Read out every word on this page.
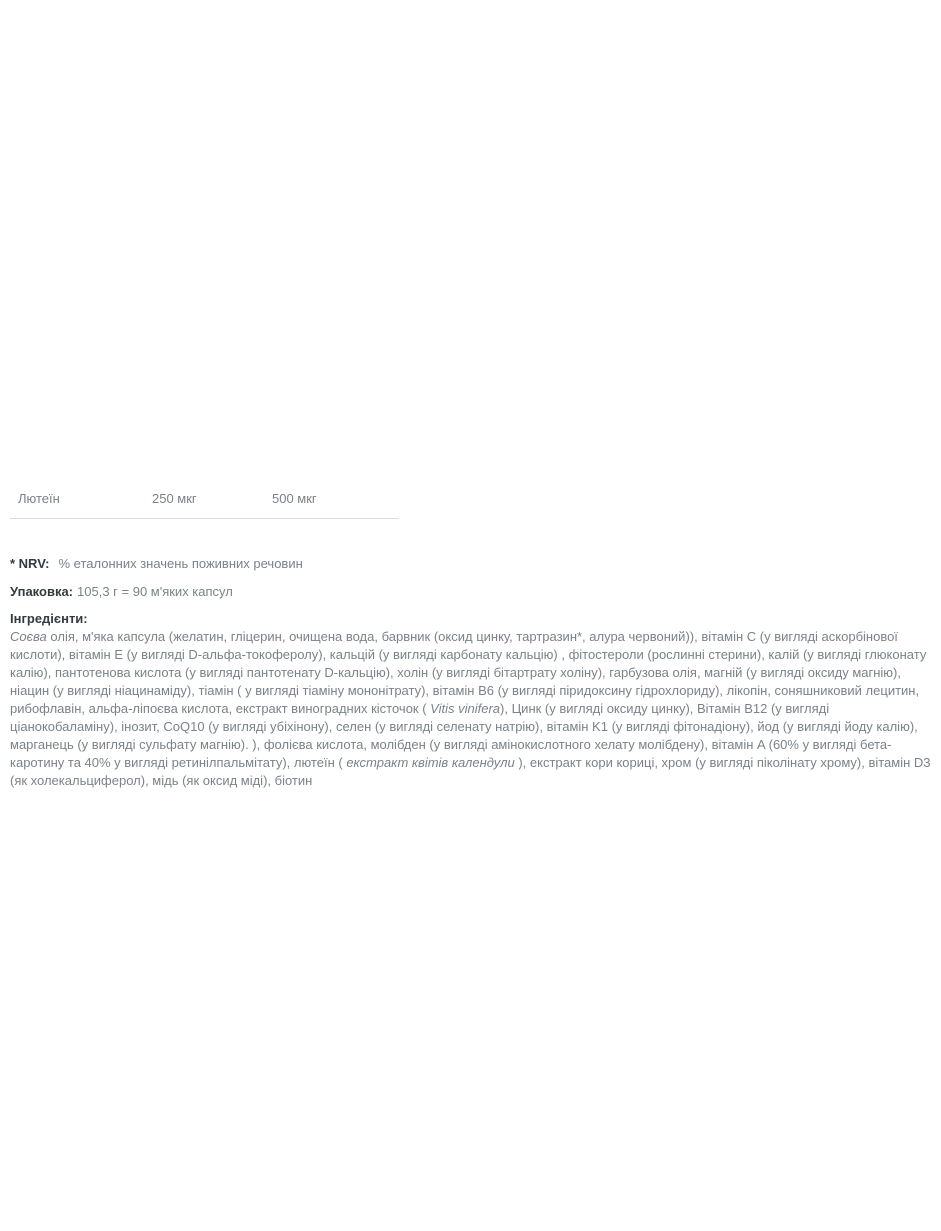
Лютеїн	250 мкг	500 мкг

* NRV: % еталонних значень поживних речовин

Упаковка: 105,3 г = 90 м'яких капсул

Інгредієнти:

Соєва олія, м'яка капсула (желатин, гліцерин, очищена вода, барвник (оксид цинку, тартразин*, алура червоний)), вітамін C (у вигляді аскорбінової кислоти), вітамін E (у вигляді D-альфа-токоферолу), кальцій (у вигляді карбонату кальцію) , фітостероли (рослинні стерини), калій (у вигляді глюконату калію), пантотенова кислота (у вигляді пантотенату D-кальцію), холін (у вигляді бітартрату холіну), гарбузова олія, магній (у вигляді оксиду магнію), ніацин (у вигляді ніацинаміду), тіамін ( у вигляді тіаміну мононітрату), вітамін B6 (у вигляді піридоксину гідрохлориду), лікопін, соняшниковий лецитин, рибофлавін, альфа-ліпоєва кислота, екстракт виноградних кісточок ( Vitis vinifera), Цинк (у вигляді оксиду цинку), Вітамін B12 (у вигляді ціанокобаламіну), інозит, CoQ10 (у вигляді убіхінону), селен (у вигляді селенату натрію), вітамін K1 (у вигляді фітонадіону), йод (у вигляді йоду калію), марганець (у вигляді сульфату магнію). ), фолієва кислота, молібден (у вигляді амінокислотного хелату молібдену), вітамін A (60% у вигляді бета-каротину та 40% у вигляді ретинілпальмітату), лютеїн ( екстракт квітів календули ), екстракт кори кориці, хром (у вигляді піколінату хрому), вітамін D3 (як холекальциферол), мідь (як оксид міді), біотин
